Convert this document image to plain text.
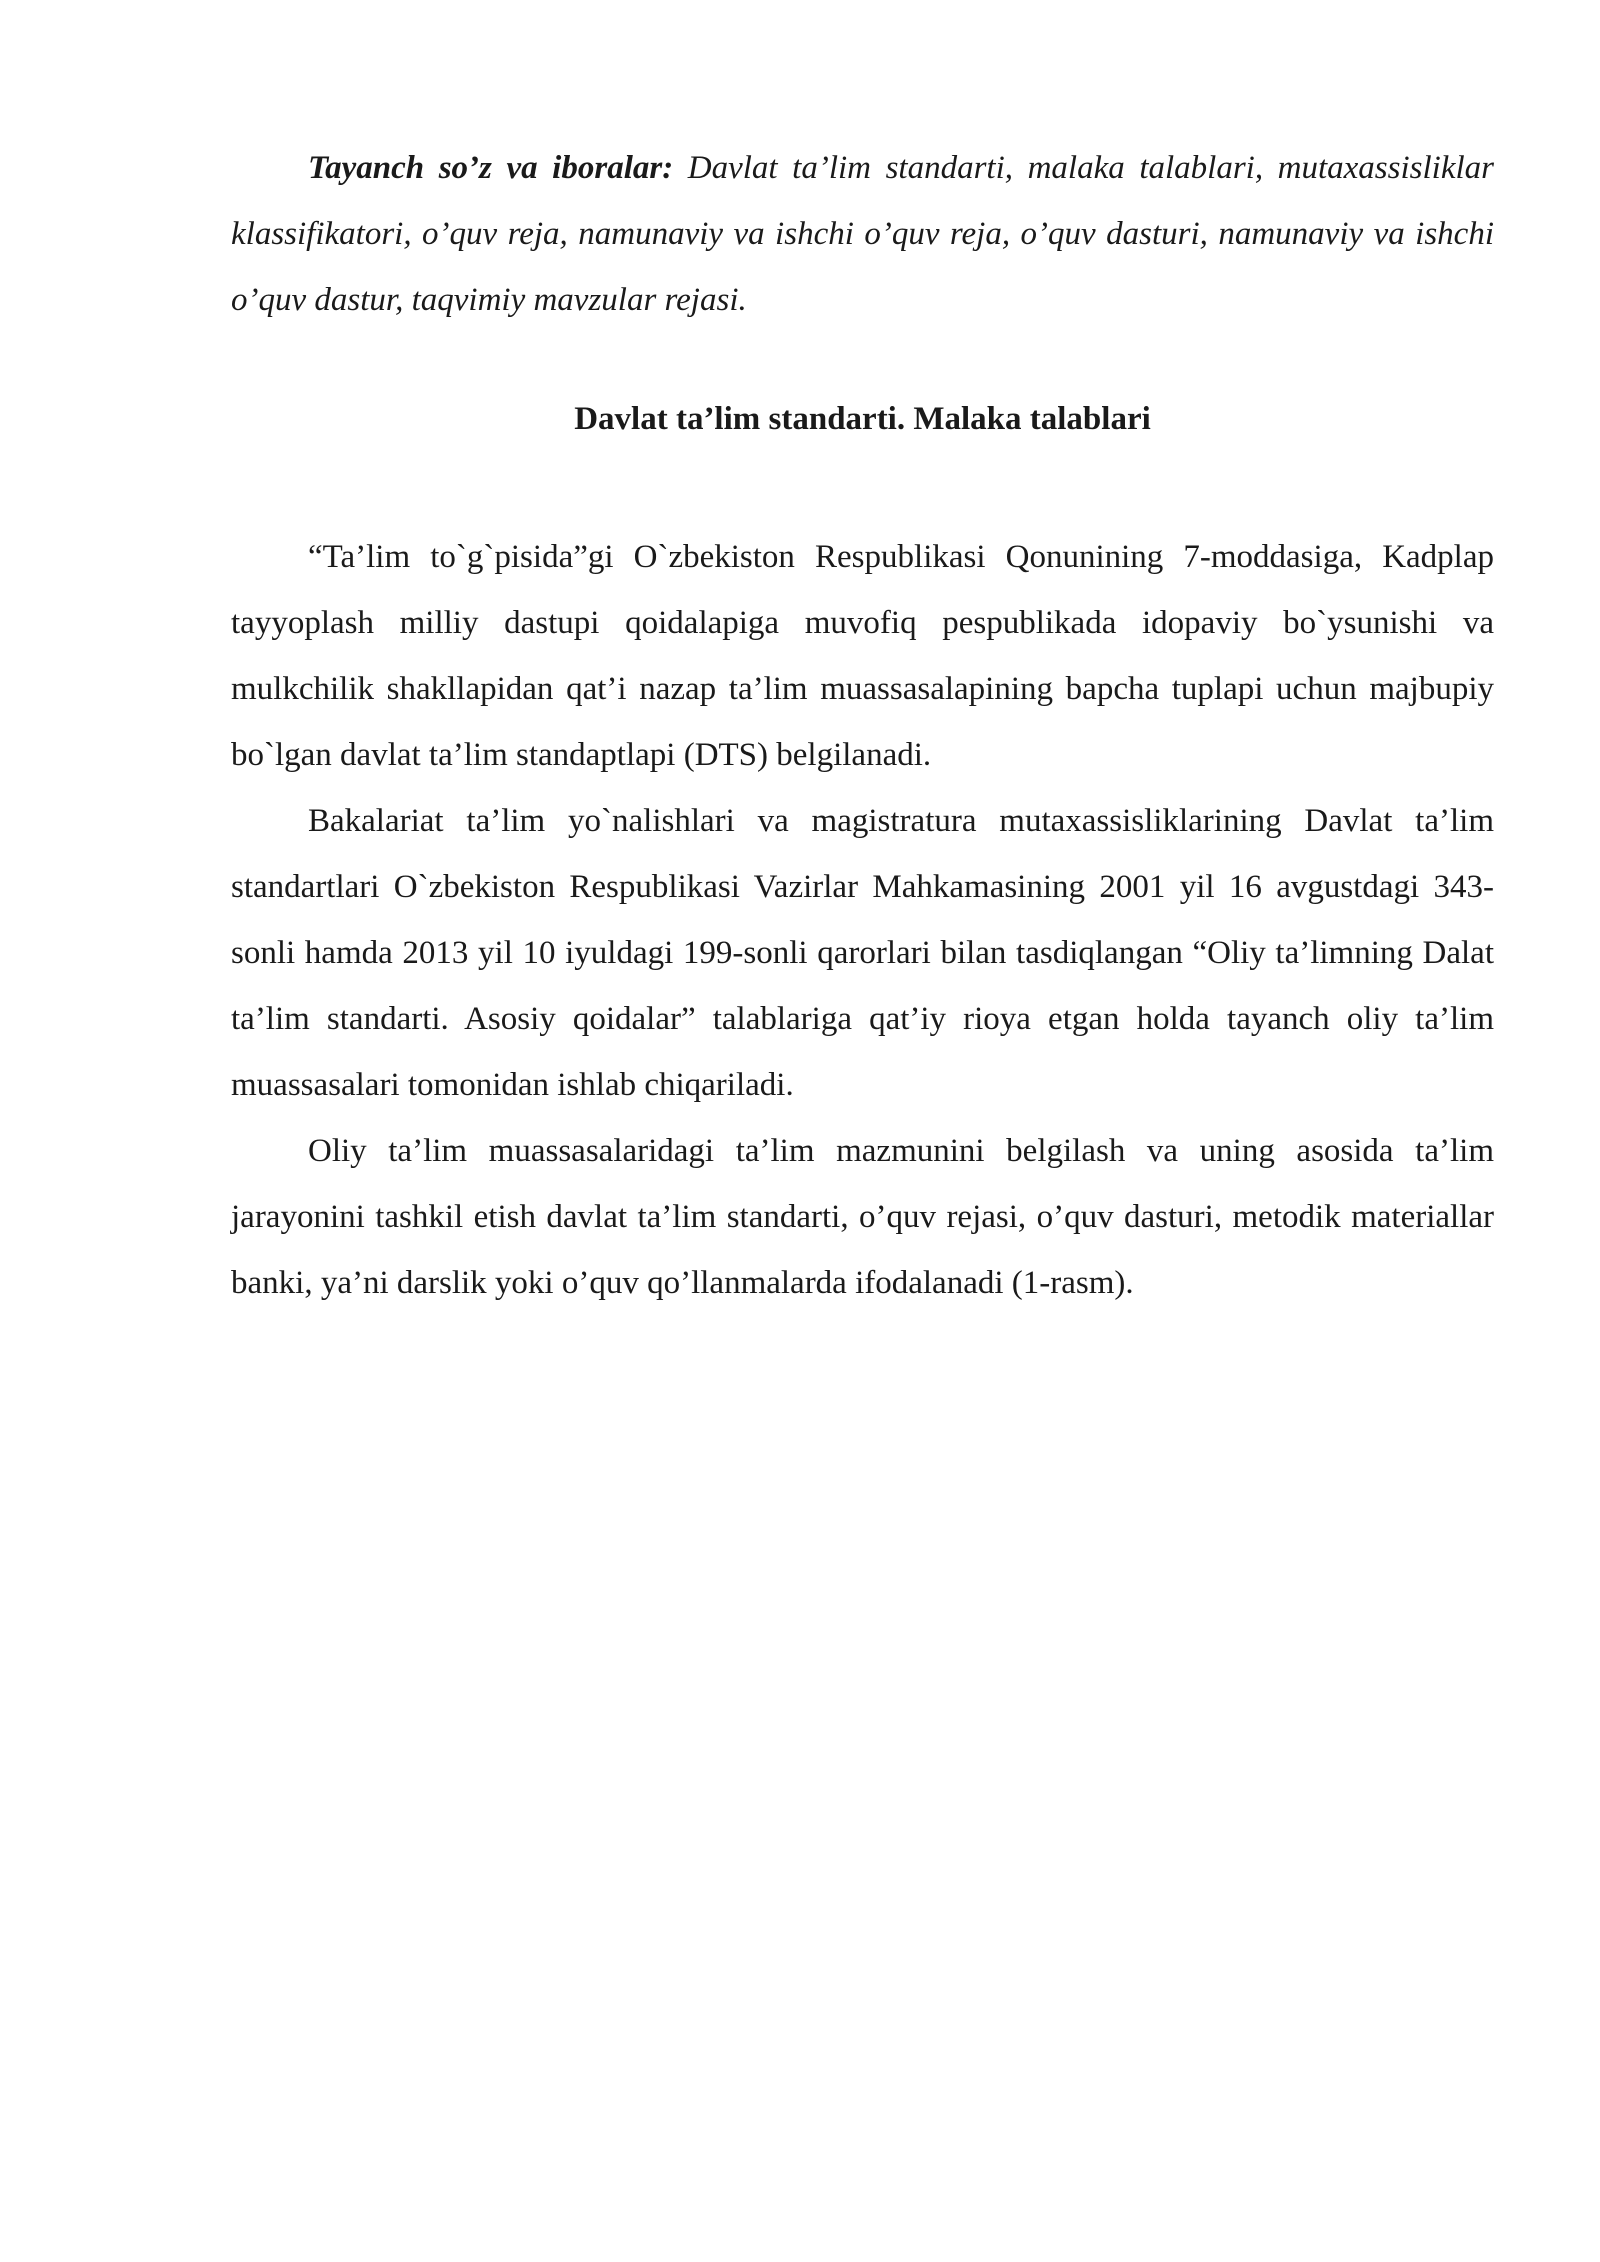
Tayanch so’z va iboralar: Davlat ta’lim standarti, malaka talablari, mutaxassisliklar klassifikatori, o’quv reja, namunaviy va ishchi o’quv reja, o’quv dasturi, namunaviy va ishchi o’quv dastur, taqvimiy mavzular rejasi.

Davlat ta’lim standarti. Malaka talablari

“Ta’lim to`g`pisida”gi O`zbekiston Respublikasi Qonunining 7-moddasiga, Kadplap tayyoplash milliy dastupi qoidalapiga muvofiq pespublikada idopaviy bo`ysunishi va mulkchilik shakllapidan qat’i nazap ta’lim muassasalapining bapcha tuplapi uchun majbupiy bo`lgan davlat ta’lim standaptlapi (DTS) belgilanadi.

Bakalariat ta’lim yo`nalishlari va magistratura mutaxassisliklarining Davlat ta’lim standartlari O`zbekiston Respublikasi Vazirlar Mahkamasining 2001 yil 16 avgustdagi 343-sonli hamda 2013 yil 10 iyuldagi 199-sonli qarorlari bilan tasdiqlangan “Oliy ta’limning Dalat ta’lim standarti. Asosiy qoidalar” talablariga qat’iy rioya etgan holda tayanch oliy ta’lim muassasalari tomonidan ishlab chiqariladi.

Oliy ta’lim muassasalaridagi ta’lim mazmunini belgilash va uning asosida ta’lim jarayonini tashkil etish davlat ta’lim standarti, o’quv rejasi, o’quv dasturi, metodik materiallar banki, ya’ni darslik yoki o’quv qo’llanmalarda ifodalanadi (1-rasm).
